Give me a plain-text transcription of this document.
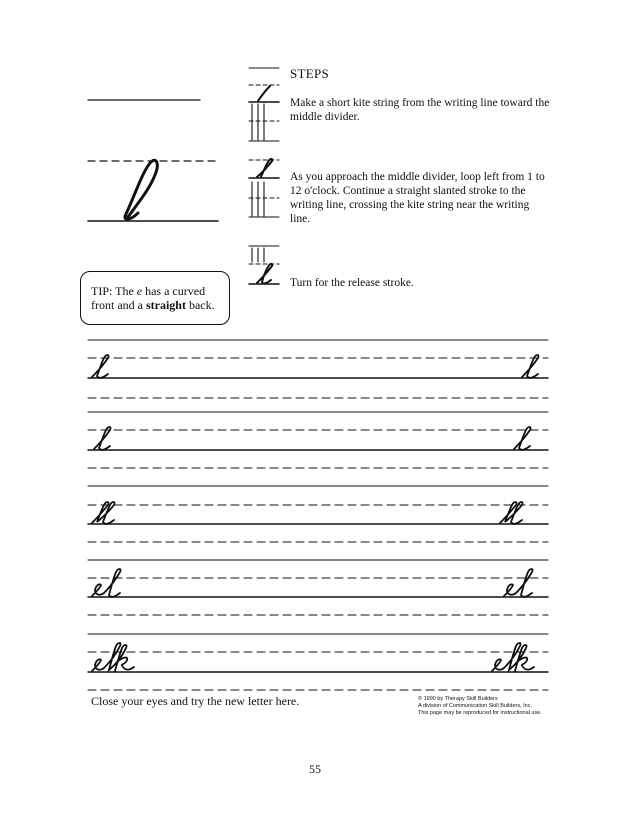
STEPS
Make a short kite string from the writing line toward the middle divider.
As you approach the middle divider, loop left from 1 to 12 o'clock. Continue a straight slanted stroke to the writing line, crossing the kite string near the writing line.
Turn for the release stroke.
TIP: The e has a curved front and a straight back.
Close your eyes and try the new letter here.	© 1990 by Therapy Skill Builders
A division of Communication Skill Builders, Inc.
This page may be reproduced for instructional use.
55
